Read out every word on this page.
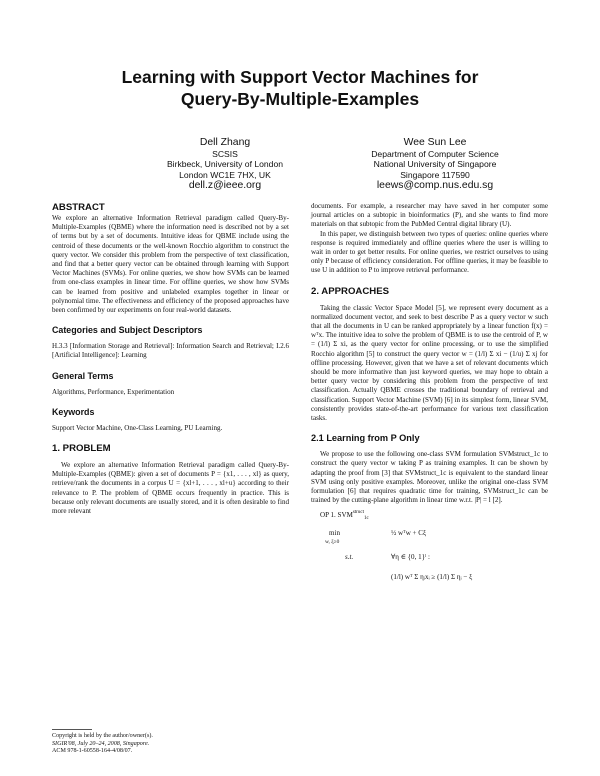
Learning with Support Vector Machines for
Query-By-Multiple-Examples
Dell Zhang
SCSIS
Birkbeck, University of London
London WC1E 7HX, UK
dell.z@ieee.org
Wee Sun Lee
Department of Computer Science
National University of Singapore
Singapore 117590
leews@comp.nus.edu.sg
ABSTRACT

We explore an alternative Information Retrieval paradigm called Query-By-Multiple-Examples (QBME) where the information need is described not by a set of terms but by a set of documents. Intuitive ideas for QBME include using the centroid of these documents or the well-known Rocchio algorithm to construct the query vector. We consider this problem from the perspective of text classification, and find that a better query vector can be obtained through learning with Support Vector Machines (SVMs). For online queries, we show how SVMs can be learned from one-class examples in linear time. For offline queries, we show how SVMs can be learned from positive and unlabeled examples together in linear or polynomial time. The effectiveness and efficiency of the proposed approaches have been confirmed by our experiments on four real-world datasets.

Categories and Subject Descriptors

H.3.3 [Information Storage and Retrieval]: Information Search and Retrieval; I.2.6 [Artificial Intelligence]: Learning

General Terms

Algorithms, Performance, Experimentation

Keywords

Support Vector Machine, One-Class Learning, PU Learning.

1. PROBLEM

We explore an alternative Information Retrieval paradigm called Query-By-Multiple-Examples (QBME): given a set of documents P = {x1, . . . , xl} as query, retrieve/rank the documents in a corpus U = {xl+1, . . . , xl+u} according to their relevance to P. The problem of QBME occurs frequently in practice. This is because only relevant documents are usually stored, and it is often desirable to find more relevant

Copyright is held by the author/owner(s).
SIGIR'08, July 20–24, 2008, Singapore.
ACM 978-1-60558-164-4/08/07.

documents. For example, a researcher may have saved in her computer some journal articles on a subtopic in bioinformatics (P), and she wants to find more materials on that subtopic from the PubMed Central digital library (U).

In this paper, we distinguish between two types of queries: online queries where response is required immediately and offline queries where the user is willing to wait in order to get better results. For online queries, we restrict ourselves to using only P because of efficiency consideration. For offline queries, it may be feasible to use U in addition to P to improve retrieval performance.

2. APPROACHES

Taking the classic Vector Space Model [5], we represent every document as a normalized document vector, and seek to best describe P as a query vector w such that all the documents in U can be ranked appropriately by a linear function f(x) = wᵀx. The intuitive idea to solve the problem of QBME is to use the centroid of P, w = (1/l) Σ xi, as the query vector for online processing, or to use the simplified Rocchio algorithm [5] to construct the query vector w = (1/l) Σ xi − (1/u) Σ xj for offline processing. However, given that we have a set of relevant documents which should be more informative than just keyword queries, we may hope to obtain a better query vector by considering this problem from the perspective of text classification. Actually QBME crosses the traditional boundary of retrieval and classification. Support Vector Machine (SVM) [6] in its simplest form, linear SVM, consistently provides state-of-the-art performance for various text classification tasks.

2.1 Learning from P Only

We propose to use the following one-class SVM formulation SVMstruct_1c to construct the query vector w taking P as training examples. It can be shown by adapting the proof from [3] that SVMstruct_1c is equivalent to the standard linear SVM using only positive examples. Moreover, unlike the original one-class SVM formulation [6] that requires quadratic time for training, SVMstruct_1c can be trained by the cutting-plane algorithm in linear time w.r.t. |P| = l [2].

OP 1. $SVM^{struct}_{1c}$
min
w, ξ≥0
½ wᵀw + Cξ
s.t.	∀η ∈ {0, 1}ˡ :
(1/l) wᵀ Σ ηᵢxᵢ ≥ (1/l) Σ ηᵢ − ξ
